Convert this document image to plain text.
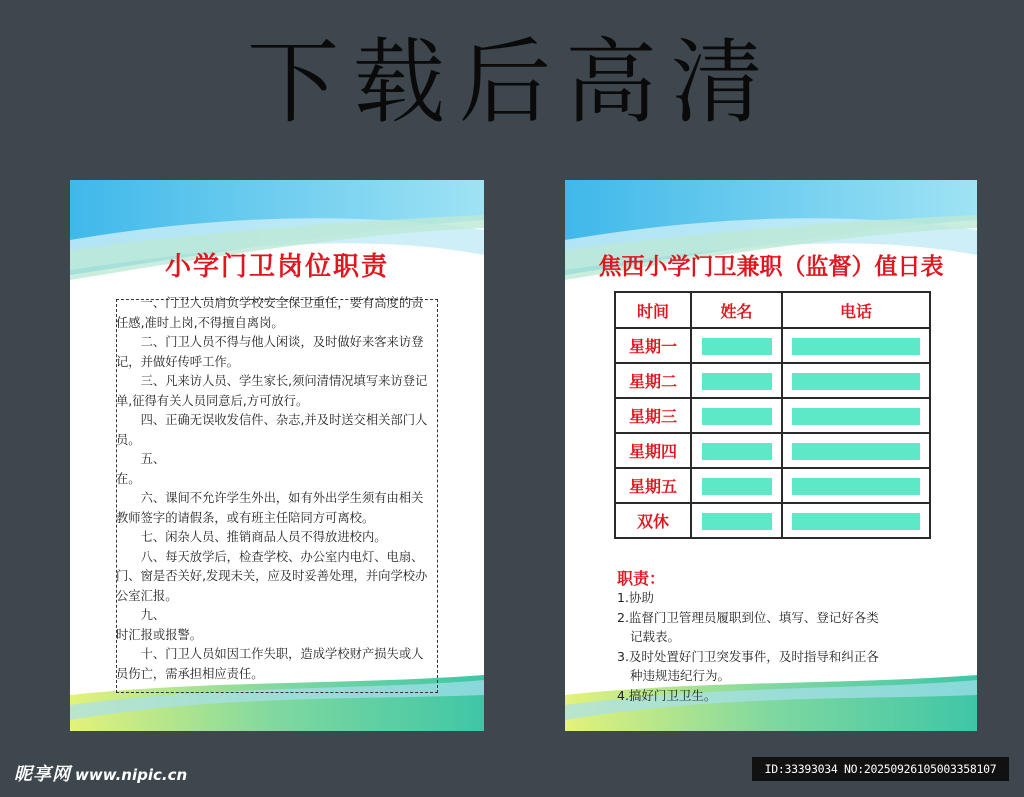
下载后高清
小学门卫岗位职责

一、门卫人员肩负学校安全保卫重任，要有高度的责任感,准时上岗,不得擅自离岗。

二、门卫人员不得与他人闲谈，及时做好来客来访登记，并做好传呼工作。

三、凡来访人员、学生家长,须问清情况填写来访登记单,征得有关人员同意后,方可放行。

四、正确无误收发信件、杂志,并及时送交相关部门人员。

五、

在。

六、课间不允许学生外出，如有外出学生须有由相关教师签字的请假条，或有班主任陪同方可离校。

七、闲杂人员、推销商品人员不得放进校内。

八、每天放学后，检查学校、办公室内电灯、电扇、门、窗是否关好,发现未关，应及时妥善处理，并向学校办公室汇报。

九、

时汇报或报警。

十、门卫人员如因工作失职，造成学校财产损失或人员伤亡，需承担相应责任。

焦西小学门卫兼职（监督）值日表
时间	姓名	电话
星期一		
星期二		
星期三		
星期四		
星期五		
双休		
职责：

1.协助

2.监督门卫管理员履职到位、填写、登记好各类

记载表。

3.及时处置好门卫突发事件，及时指导和纠正各

种违规违纪行为。

4.搞好门卫卫生。

昵享网 www.nipic.cn	ID:33393034 NO:20250926105003358107
